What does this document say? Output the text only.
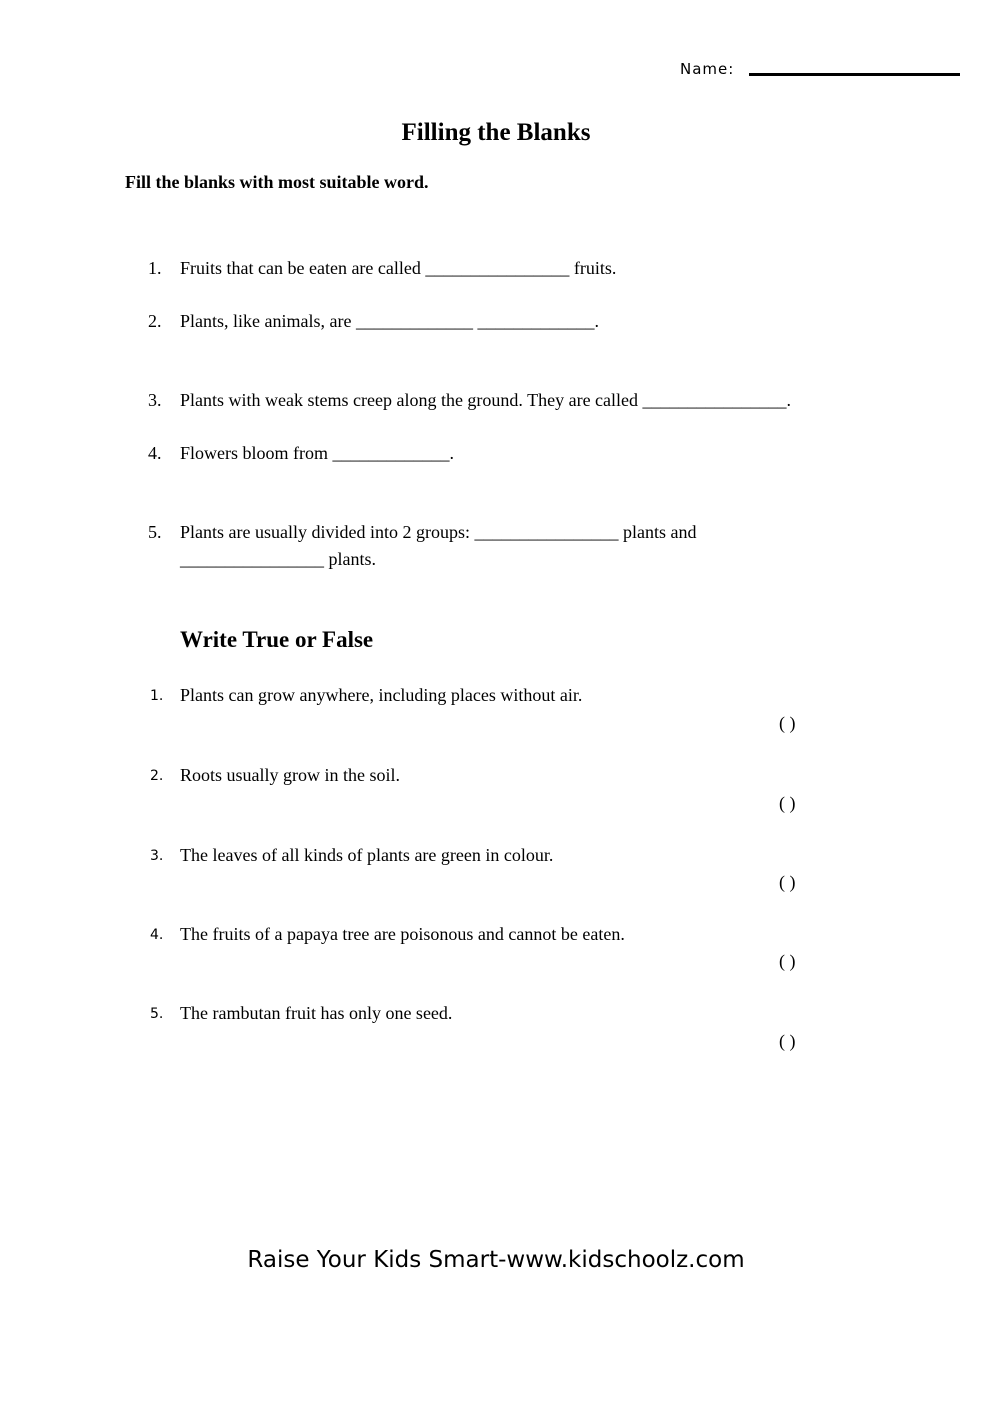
Name:
Filling the Blanks
Fill the blanks with most suitable word.
1. Fruits that can be eaten are called ________________ fruits.
2. Plants, like animals, are _____________ _____________.
3. Plants with weak stems creep along the ground. They are called ________________.
4. Flowers bloom from _____________.
5. Plants are usually divided into 2 groups: ________________ plants and
________________ plants.
Write True or False
1. Plants can grow anywhere, including places without air.
( )
2. Roots usually grow in the soil.
( )
3. The leaves of all kinds of plants are green in colour.
( )
4. The fruits of a papaya tree are poisonous and cannot be eaten.
( )
5. The rambutan fruit has only one seed.
( )
Raise Your Kids Smart-www.kidschoolz.com
